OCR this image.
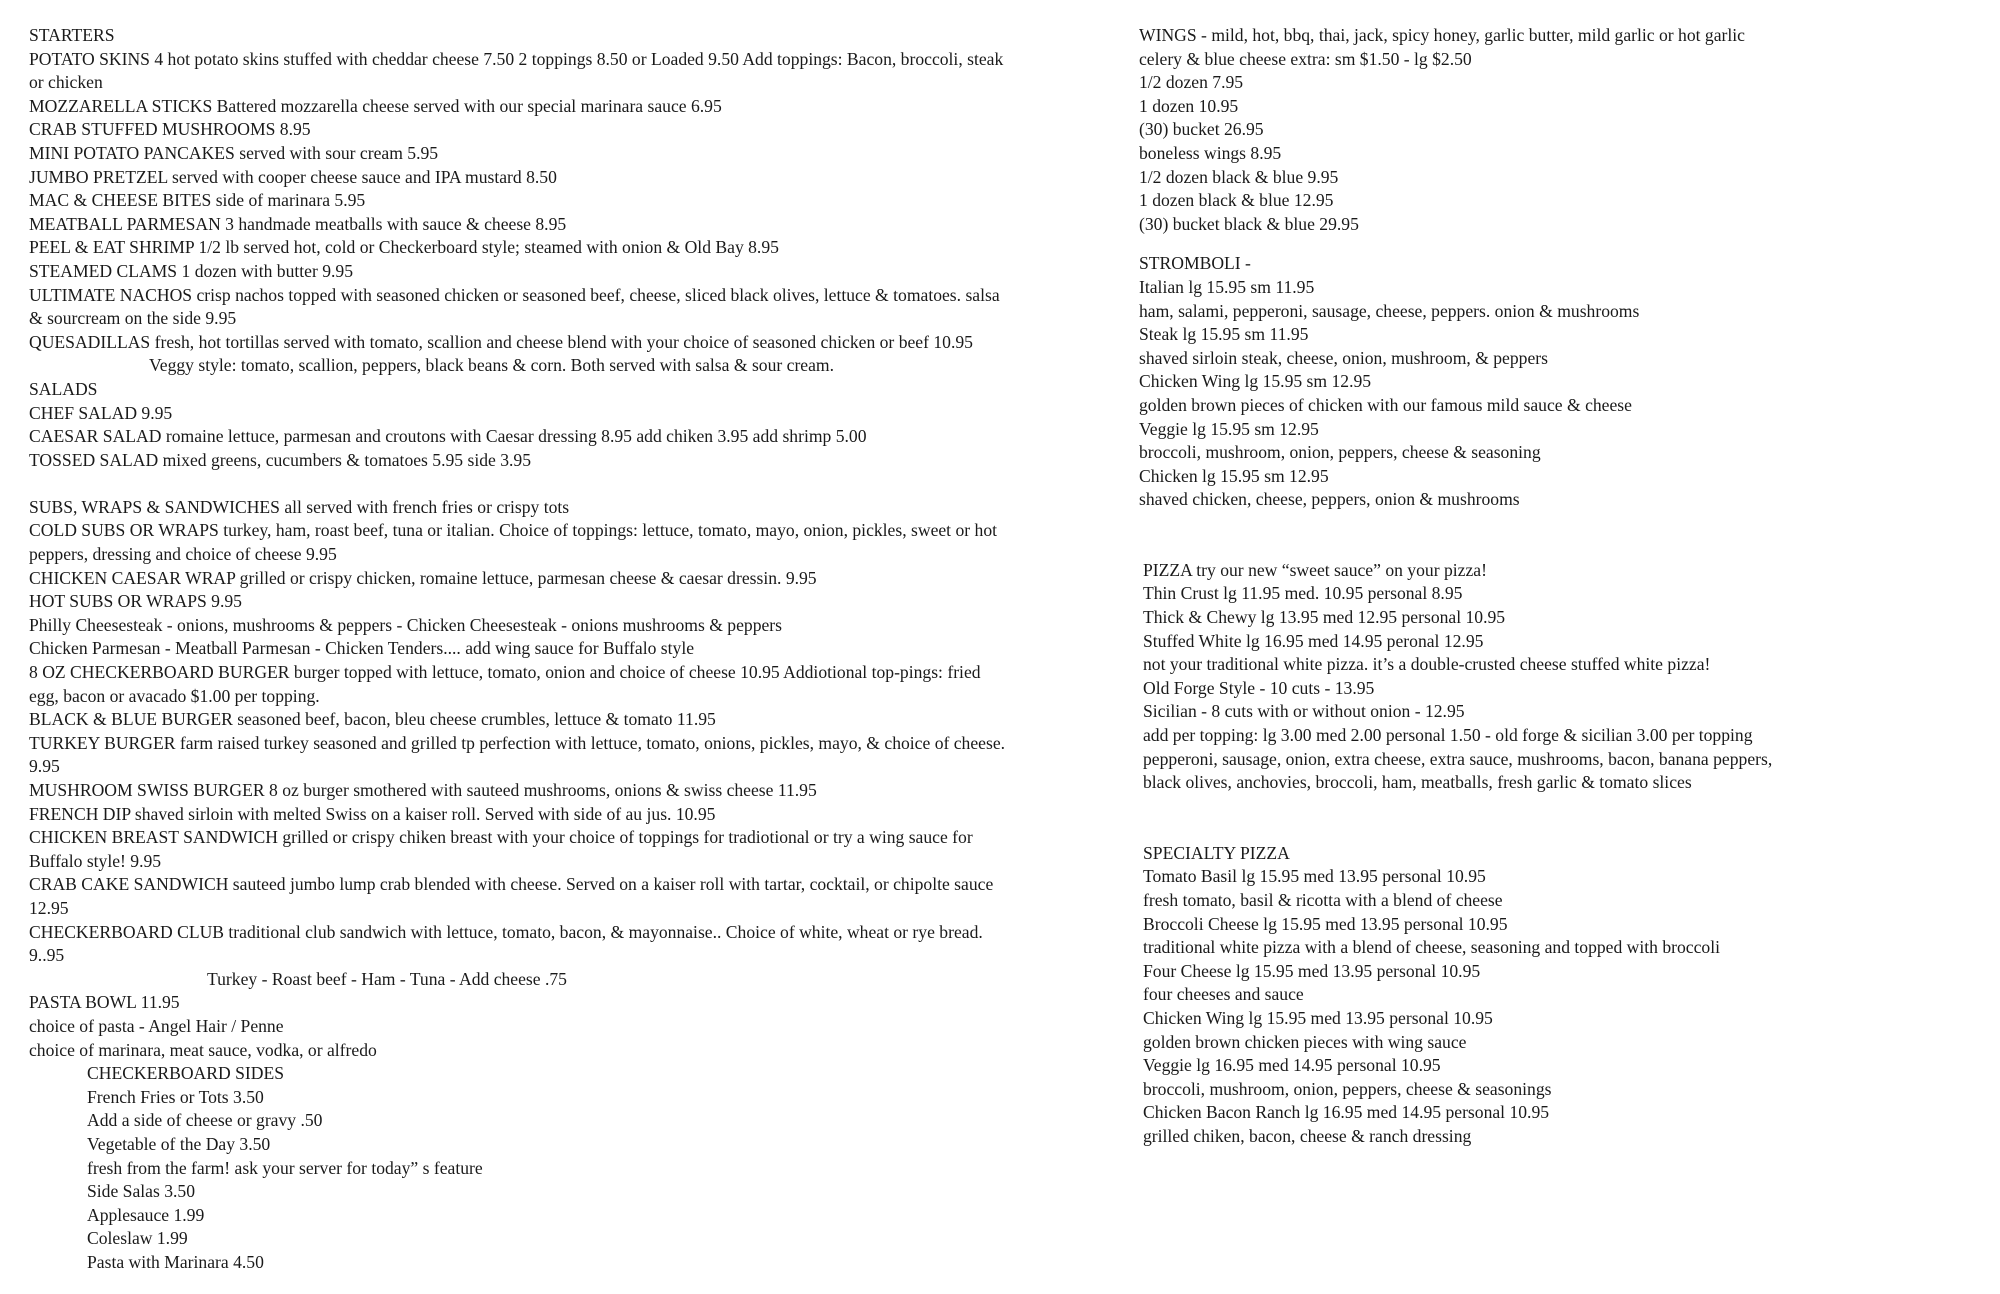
STARTERS
POTATO SKINS 4 hot potato skins stuffed with cheddar cheese 7.50 2 toppings 8.50 or Loaded 9.50 Add toppings: Bacon, broccoli, steak or chicken
MOZZARELLA STICKS Battered mozzarella cheese served with our special marinara sauce 6.95
CRAB STUFFED MUSHROOMS 8.95
MINI POTATO PANCAKES served with sour cream 5.95
JUMBO PRETZEL served with cooper cheese sauce and IPA mustard 8.50
MAC & CHEESE BITES side of marinara 5.95
MEATBALL PARMESAN 3 handmade meatballs with sauce & cheese 8.95
PEEL & EAT SHRIMP 1/2 lb served hot, cold or Checkerboard style; steamed with onion & Old Bay 8.95
STEAMED CLAMS 1 dozen with butter 9.95
ULTIMATE NACHOS crisp nachos topped with seasoned chicken or seasoned beef, cheese, sliced black olives, lettuce & tomatoes. salsa & sourcream on the side 9.95
QUESADILLAS fresh, hot tortillas served with tomato, scallion and cheese blend with your choice of seasoned chicken or beef 10.95
Veggy style: tomato, scallion, peppers, black beans & corn. Both served with salsa & sour cream.
SALADS
CHEF SALAD 9.95
CAESAR SALAD romaine lettuce, parmesan and croutons with Caesar dressing 8.95 add chiken 3.95 add shrimp 5.00
TOSSED SALAD mixed greens, cucumbers & tomatoes 5.95 side 3.95
SUBS, WRAPS & SANDWICHES all served with french fries or crispy tots
COLD SUBS OR WRAPS turkey, ham, roast beef, tuna or italian. Choice of toppings: lettuce, tomato, mayo, onion, pickles, sweet or hot peppers, dressing and choice of cheese 9.95
CHICKEN CAESAR WRAP grilled or crispy chicken, romaine lettuce, parmesan cheese & caesar dressin. 9.95
HOT SUBS OR WRAPS 9.95
Philly Cheesesteak - onions, mushrooms & peppers - Chicken Cheesesteak - onions mushrooms & peppers
Chicken Parmesan - Meatball Parmesan - Chicken Tenders.... add wing sauce for Buffalo style
8 OZ CHECKERBOARD BURGER burger topped with lettuce, tomato, onion and choice of cheese 10.95 Addiotional top-pings: fried egg, bacon or avacado $1.00 per topping.
BLACK & BLUE BURGER seasoned beef, bacon, bleu cheese crumbles, lettuce & tomato 11.95
TURKEY BURGER farm raised turkey seasoned and grilled tp perfection with lettuce, tomato, onions, pickles, mayo, & choice of cheese. 9.95
MUSHROOM SWISS BURGER 8 oz burger smothered with sauteed mushrooms, onions & swiss cheese 11.95
FRENCH DIP shaved sirloin with melted Swiss on a kaiser roll. Served with side of au jus. 10.95
CHICKEN BREAST SANDWICH grilled or crispy chiken breast with your choice of toppings for tradiotional or try a wing sauce for Buffalo style! 9.95
CRAB CAKE SANDWICH sauteed jumbo lump crab blended with cheese. Served on a kaiser roll with tartar, cocktail, or chipolte sauce 12.95
CHECKERBOARD CLUB traditional club sandwich with lettuce, tomato, bacon, & mayonnaise.. Choice of white, wheat or rye bread. 9..95
Turkey - Roast beef - Ham - Tuna - Add cheese .75
PASTA BOWL 11.95
choice of pasta - Angel Hair / Penne
choice of marinara, meat sauce, vodka, or alfredo
CHECKERBOARD SIDES
French Fries or Tots 3.50
Add a side of cheese or gravy .50
Vegetable of the Day 3.50
fresh from the farm! ask your server for today” s feature
Side Salas 3.50
Applesauce 1.99
Coleslaw 1.99
Pasta with Marinara 4.50
WINGS - mild, hot, bbq, thai, jack, spicy honey, garlic butter, mild garlic or hot garlic
celery & blue cheese extra: sm $1.50 - lg $2.50
1/2 dozen 7.95
1 dozen 10.95
(30) bucket 26.95
boneless wings 8.95
1/2 dozen black & blue 9.95
1 dozen black & blue 12.95
(30) bucket black & blue 29.95
STROMBOLI -
Italian lg 15.95 sm 11.95
ham, salami, pepperoni, sausage, cheese, peppers. onion & mushrooms
Steak lg 15.95 sm 11.95
shaved sirloin steak, cheese, onion, mushroom, & peppers
Chicken Wing lg 15.95 sm 12.95
golden brown pieces of chicken with our famous mild sauce & cheese
Veggie lg 15.95 sm 12.95
broccoli, mushroom, onion, peppers, cheese & seasoning
Chicken lg 15.95 sm 12.95
shaved chicken, cheese, peppers, onion & mushrooms
PIZZA try our new “sweet sauce” on your pizza!
Thin Crust lg 11.95 med. 10.95 personal 8.95
Thick & Chewy lg 13.95 med 12.95 personal 10.95
Stuffed White lg 16.95 med 14.95 peronal 12.95
not your traditional white pizza. it’s a double-crusted cheese stuffed white pizza!
Old Forge Style - 10 cuts - 13.95
Sicilian - 8 cuts with or without onion - 12.95
add per topping: lg 3.00 med 2.00 personal 1.50 - old forge & sicilian 3.00 per topping
pepperoni, sausage, onion, extra cheese, extra sauce, mushrooms, bacon, banana peppers,
black olives, anchovies, broccoli, ham, meatballs, fresh garlic & tomato slices
SPECIALTY PIZZA
Tomato Basil lg 15.95 med 13.95 personal 10.95
fresh tomato, basil & ricotta with a blend of cheese
Broccoli Cheese lg 15.95 med 13.95 personal 10.95
traditional white pizza with a blend of cheese, seasoning and topped with broccoli
Four Cheese lg 15.95 med 13.95 personal 10.95
four cheeses and sauce
Chicken Wing lg 15.95 med 13.95 personal 10.95
golden brown chicken pieces with wing sauce
Veggie lg 16.95 med 14.95 personal 10.95
broccoli, mushroom, onion, peppers, cheese & seasonings
Chicken Bacon Ranch lg 16.95 med 14.95 personal 10.95
grilled chiken, bacon, cheese & ranch dressing
